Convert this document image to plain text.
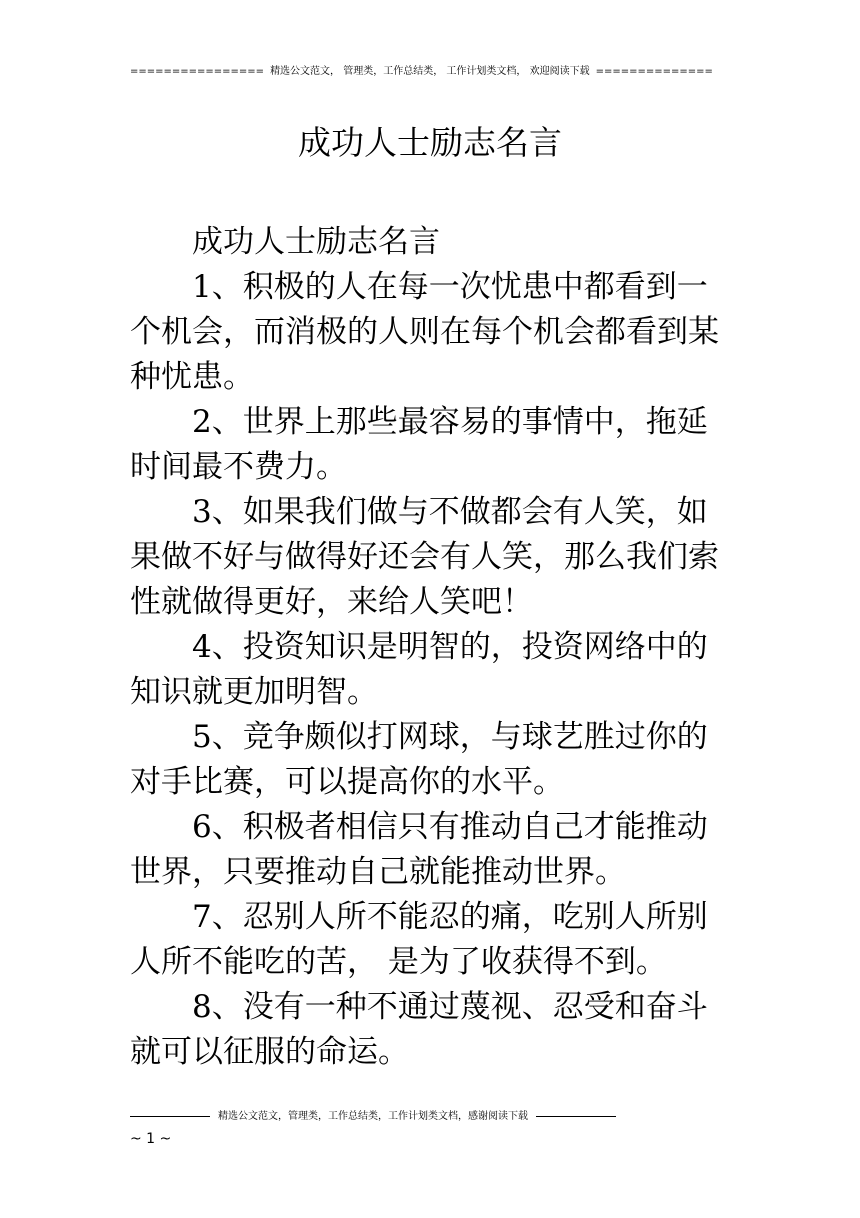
================ 精选公文范文， 管理类，工作总结类， 工作计划类文档， 欢迎阅读下载 ==============
成功人士励志名言

成功人士励志名言

1、积极的人在每一次忧患中都看到一个机会，而消极的人则在每个机会都看到某种忧患。

2、世界上那些最容易的事情中，拖延时间最不费力。

3、如果我们做与不做都会有人笑，如果做不好与做得好还会有人笑，那么我们索性就做得更好，来给人笑吧！

4、投资知识是明智的，投资网络中的知识就更加明智。

5、竞争颇似打网球，与球艺胜过你的对手比赛，可以提高你的水平。

6、积极者相信只有推动自己才能推动世界，只要推动自己就能推动世界。

7、忍别人所不能忍的痛，吃别人所别人所不能吃的苦， 是为了收获得不到。

8、没有一种不通过蔑视、忍受和奋斗就可以征服的命运。

精选公文范文，管理类，工作总结类，工作计划类文档，感谢阅读下载
~ 1 ~
